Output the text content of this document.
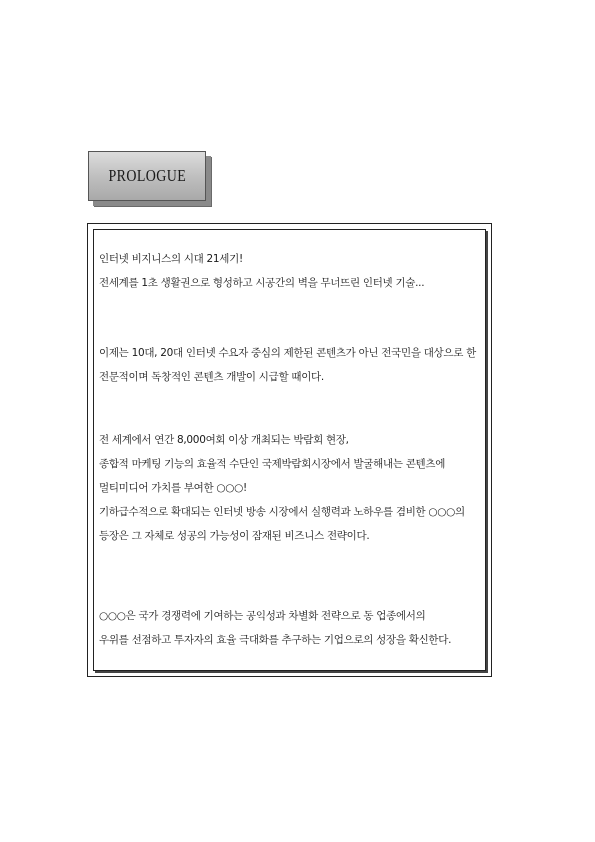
PROLOGUE
인터넷 비지니스의 시대 21세기!
전세계를 1초 생활권으로 형성하고 시공간의 벽을 무너뜨린 인터넷 기술...
이제는 10대, 20대 인터넷 수요자 중심의 제한된 콘텐츠가 아닌 전국민을 대상으로 한
전문적이며 독창적인 콘텐츠 개발이 시급할 때이다.
전 세계에서 연간 8,000여회 이상 개최되는 박람회 현장,
종합적 마케팅 기능의 효율적 수단인 국제박람회시장에서 발굴해내는 콘텐츠에
멀티미디어 가치를 부여한 ○○○!
기하급수적으로 확대되는 인터넷 방송 시장에서 실행력과 노하우를 겸비한 ○○○의
등장은 그 자체로 성공의 가능성이 잠재된 비즈니스 전략이다.
○○○은 국가 경쟁력에 기여하는 공익성과 차별화 전략으로 동 업종에서의
우위를 선점하고 투자자의 효율 극대화를 추구하는 기업으로의 성장을 확신한다.
